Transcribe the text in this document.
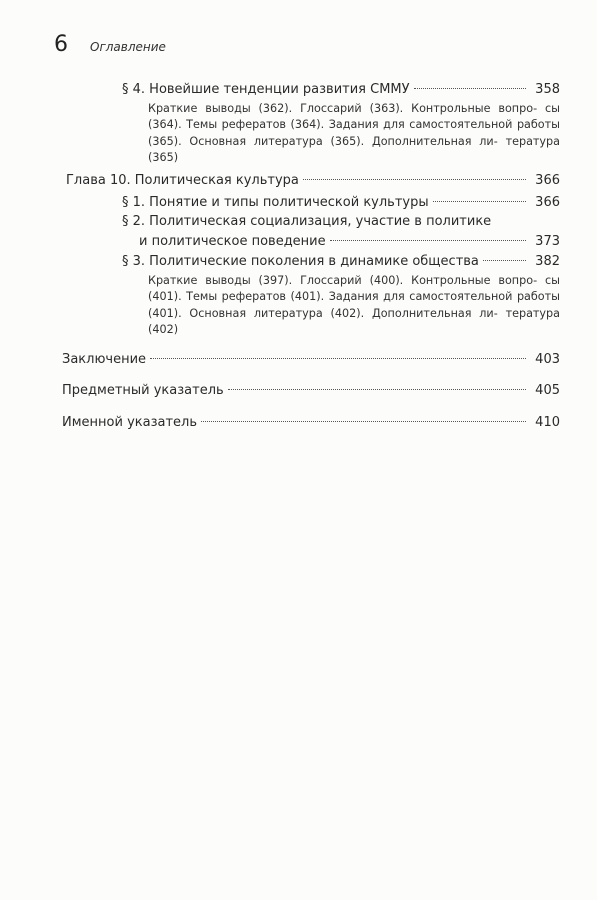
6 Оглавление
§ 4. Новейшие тенденции развития СММУ	358
Краткие выводы (362). Глоссарий (363). Контрольные вопро- сы (364). Темы рефератов (364). Задания для самостоятельной работы (365). Основная литература (365). Дополнительная ли- тература (365)
Глава 10. Политическая культура	366
§ 1. Понятие и типы политической культуры	366
§ 2. Политическая социализация, участие в политике
и политическое поведение	373
§ 3. Политические поколения в динамике общества	382
Краткие выводы (397). Глоссарий (400). Контрольные вопро- сы (401). Темы рефератов (401). Задания для самостоятельной работы (401). Основная литература (402). Дополнительная ли- тература (402)
Заключение	403
Предметный указатель	405
Именной указатель	410
